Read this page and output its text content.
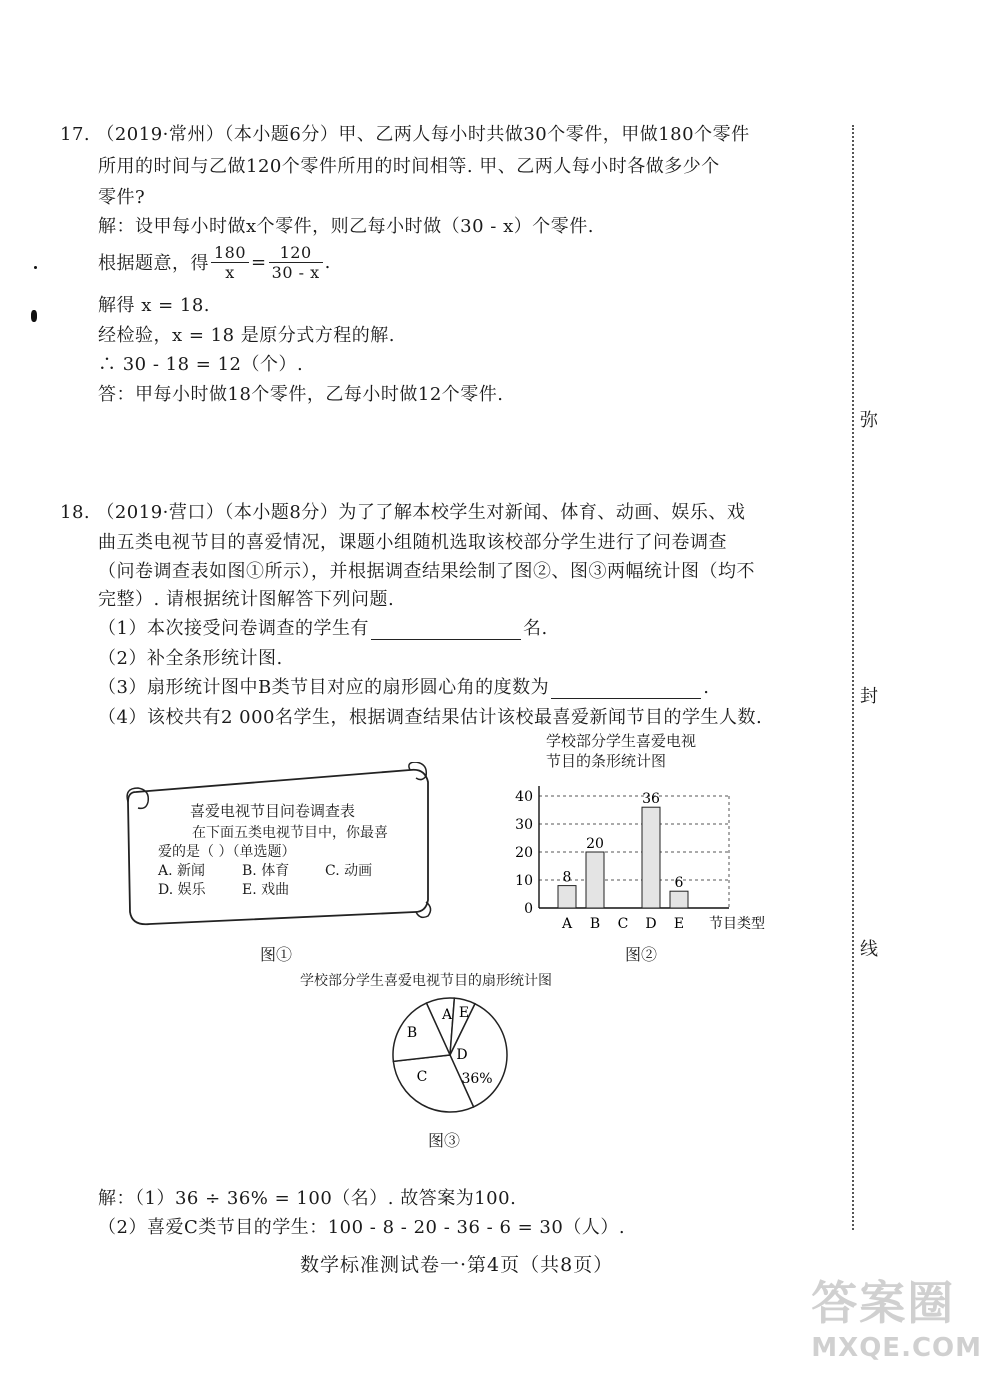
17. （2019·常州）（本小题6分）甲、乙两人每小时共做30个零件，甲做180个零件
所用的时间与乙做120个零件所用的时间相等. 甲、乙两人每小时各做多少个
零件?
解：设甲每小时做x个零件，则乙每小时做（30 - x）个零件.
根据题意，得 $\frac{180}{x} = \frac{120}{30 - x}$ .
解得 x = 18.
经检验，x = 18 是原分式方程的解.
∴ 30 - 18 = 12（个）.
答：甲每小时做18个零件，乙每小时做12个零件.
18. （2019·营口）（本小题8分）为了了解本校学生对新闻、体育、动画、娱乐、戏
曲五类电视节目的喜爱情况，课题小组随机选取该校部分学生进行了问卷调查
（问卷调查表如图①所示），并根据调查结果绘制了图②、图③两幅统计图（均不
完整）. 请根据统计图解答下列问题.
（1）本次接受问卷调查的学生有	名.
（2）补全条形统计图.
（3）扇形统计图中B类节目对应的扇形圆心角的度数为	.
（4）该校共有2 000名学生，根据调查结果估计该校最喜爱新闻节目的学生人数.
喜爱电视节目问卷调查表
在下面五类电视节目中，你最喜
爱的是（ ）（单选题）
A. 新闻	B. 体育	C. 动画
D. 娱乐	E. 戏曲
图①
学校部分学生喜爱电视
节目的条形统计图
0
10
20
30
40
8
A
20
B C
36
D
6
E 节目类型
图②
学校部分学生喜爱电视节目的扇形统计图
A E
D
C
B
36%
图③
解：（1）36 ÷ 36% = 100（名）. 故答案为100.
（2）喜爱C类节目的学生：100 - 8 - 20 - 36 - 6 = 30（人）.
弥
封
线
数学标准测试卷一·第4页（共8页）
答案圈
MXQE.COM
